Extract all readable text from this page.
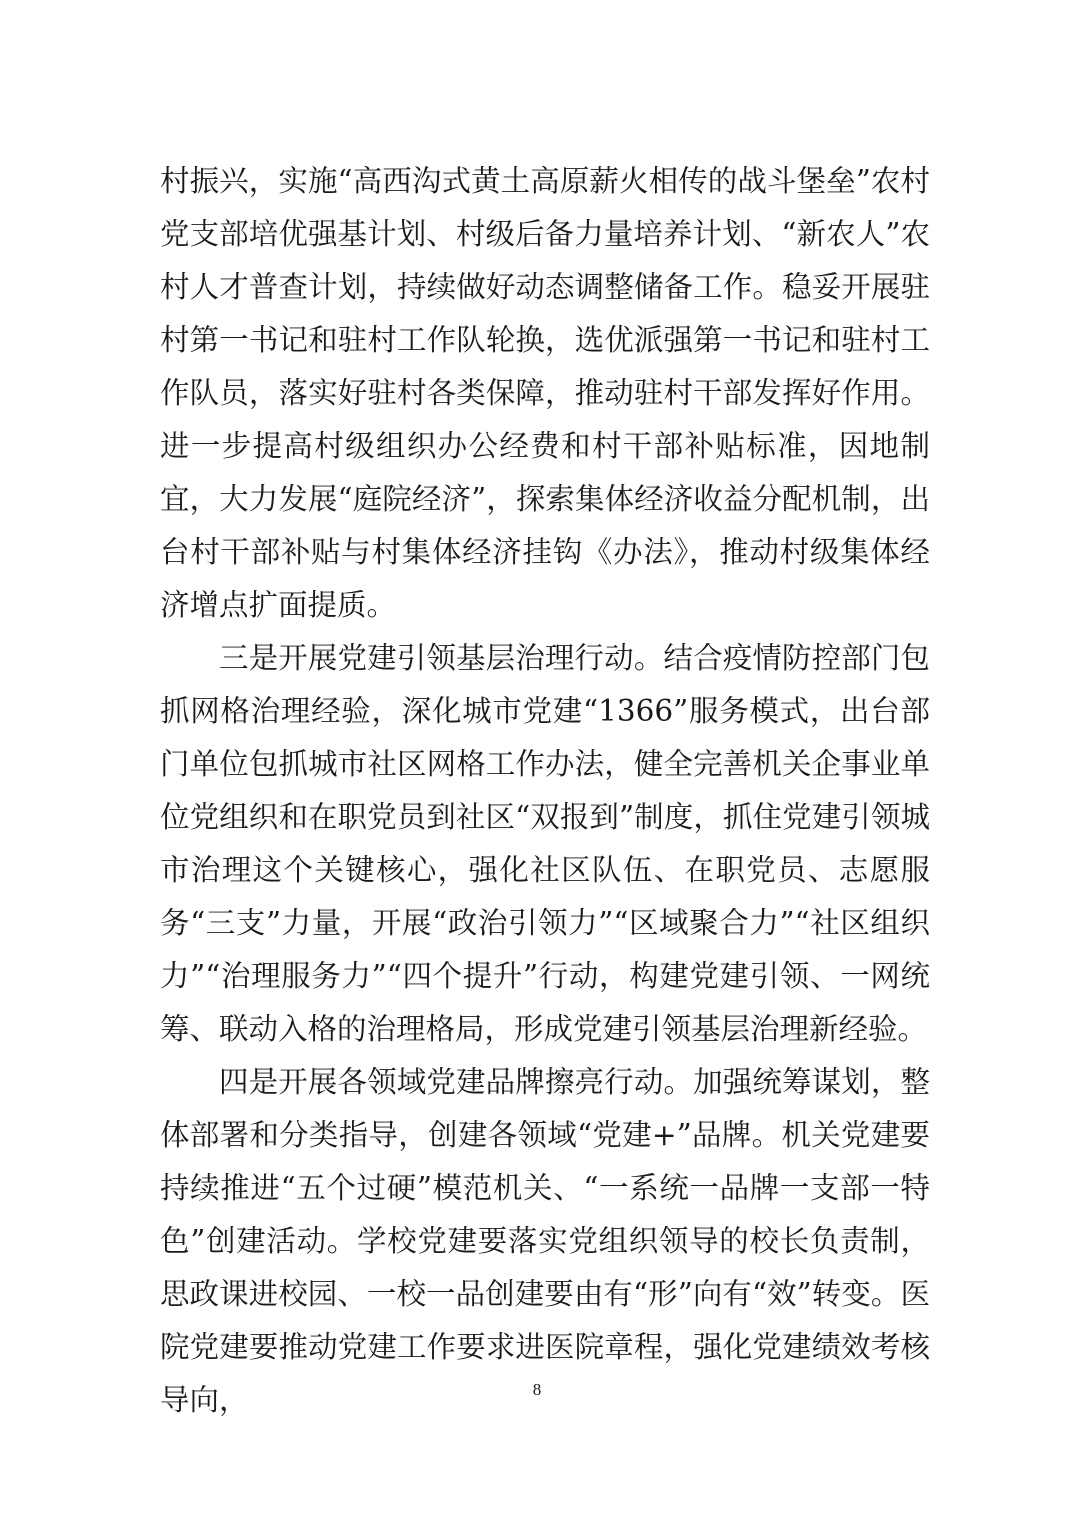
村振兴，实施“高西沟式黄土高原薪火相传的战斗堡垒”农村党支部培优强基计划、村级后备力量培养计划、“新农人”农村人才普查计划，持续做好动态调整储备工作。稳妥开展驻村第一书记和驻村工作队轮换，选优派强第一书记和驻村工作队员，落实好驻村各类保障，推动驻村干部发挥好作用。进一步提高村级组织办公经费和村干部补贴标准，因地制宜，大力发展“庭院经济”，探索集体经济收益分配机制，出台村干部补贴与村集体经济挂钩《办法》，推动村级集体经济增点扩面提质。

三是开展党建引领基层治理行动。结合疫情防控部门包抓网格治理经验，深化城市党建“1366”服务模式，出台部门单位包抓城市社区网格工作办法，健全完善机关企事业单位党组织和在职党员到社区“双报到”制度，抓住党建引领城市治理这个关键核心，强化社区队伍、在职党员、志愿服务“三支”力量，开展“政治引领力”“区域聚合力”“社区组织力”“治理服务力”“四个提升”行动，构建党建引领、一网统筹、联动入格的治理格局，形成党建引领基层治理新经验。

四是开展各领域党建品牌擦亮行动。加强统筹谋划，整体部署和分类指导，创建各领域“党建+”品牌。机关党建要持续推进“五个过硬”模范机关、“一系统一品牌一支部一特色”创建活动。学校党建要落实党组织领导的校长负责制，思政课进校园、一校一品创建要由有“形”向有“效”转变。医院党建要推动党建工作要求进医院章程，强化党建绩效考核导向，	8
